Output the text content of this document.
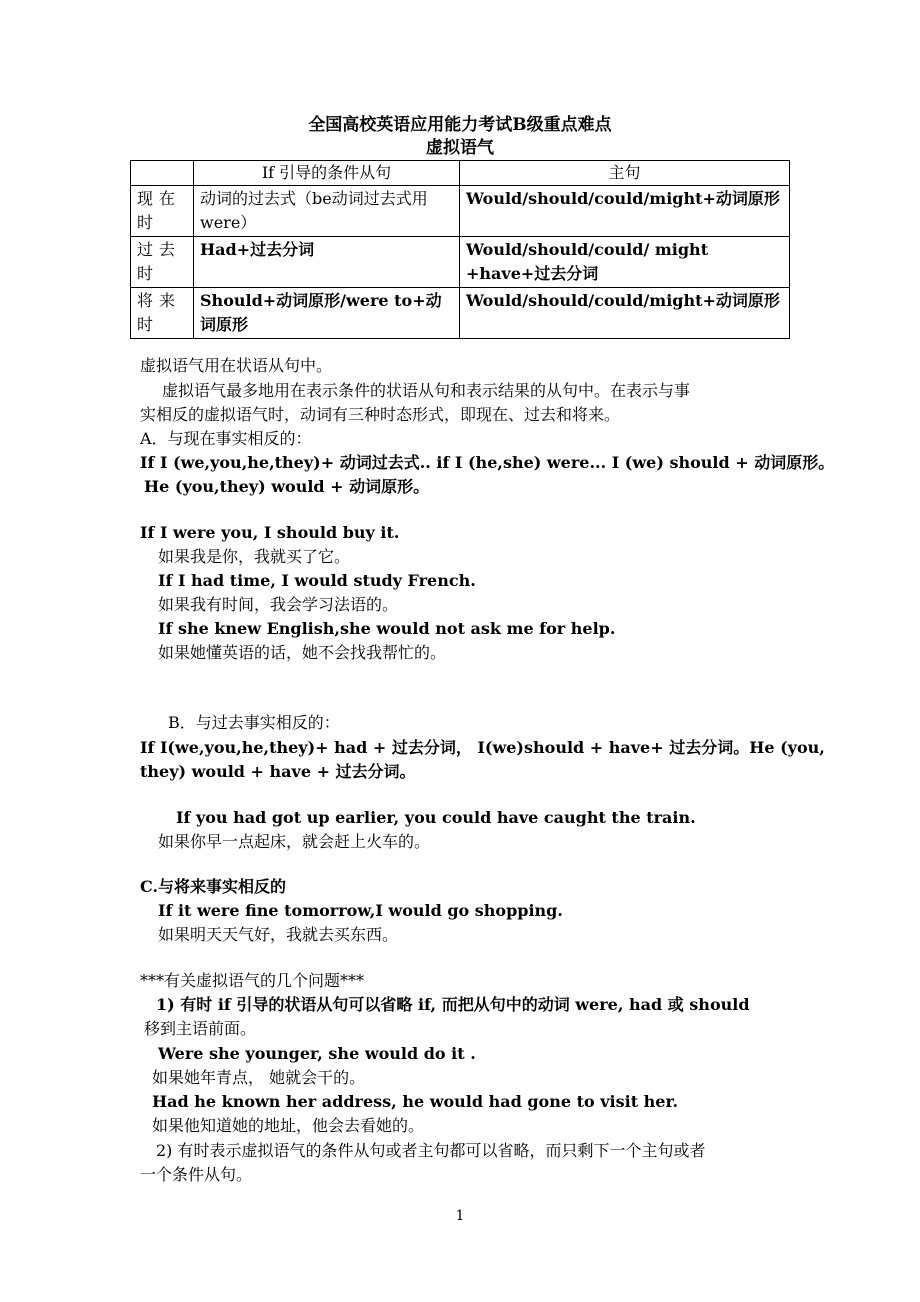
全国高校英语应用能力考试B级重点难点
虚拟语气
	If 引导的条件从句	主句
现在时	动词的过去式（be动词过去式用were）	Would/should/could/might+动词原形
过去时	Had+过去分词	Would/should/could/ might +have+过去分词
将来时	Should+动词原形/were to+动词原形	Would/should/could/might+动词原形
虚拟语气用在状语从句中。
虚拟语气最多地用在表示条件的状语从句和表示结果的从句中。在表示与事
实相反的虚拟语气时，动词有三种时态形式，即现在、过去和将来。
A．与现在事实相反的：
If I (we,you,he,they)+ 动词过去式.. if I (he,she) were... I (we) should + 动词原形。
He (you,they) would + 动词原形。
If I were you, I should buy it.
如果我是你，我就买了它。
If I had time, I would study French.
如果我有时间，我会学习法语的。
If she knew English,she would not ask me for help.
如果她懂英语的话，她不会找我帮忙的。
B．与过去事实相反的：
If I(we,you,he,they)+ had + 过去分词， I(we)should + have+ 过去分词。He (you,
they) would + have + 过去分词。
If you had got up earlier, you could have caught the train.
如果你早一点起床，就会赶上火车的。
C.与将来事实相反的
If it were fine tomorrow,I would go shopping.
如果明天天气好，我就去买东西。
***有关虚拟语气的几个问题***
1) 有时 if 引导的状语从句可以省略 if, 而把从句中的动词 were, had 或 should
移到主语前面。
Were she younger, she would do it .
如果她年青点， 她就会干的。
Had he known her address, he would had gone to visit her.
如果他知道她的地址，他会去看她的。
2) 有时表示虚拟语气的条件从句或者主句都可以省略，而只剩下一个主句或者
一个条件从句。
1
